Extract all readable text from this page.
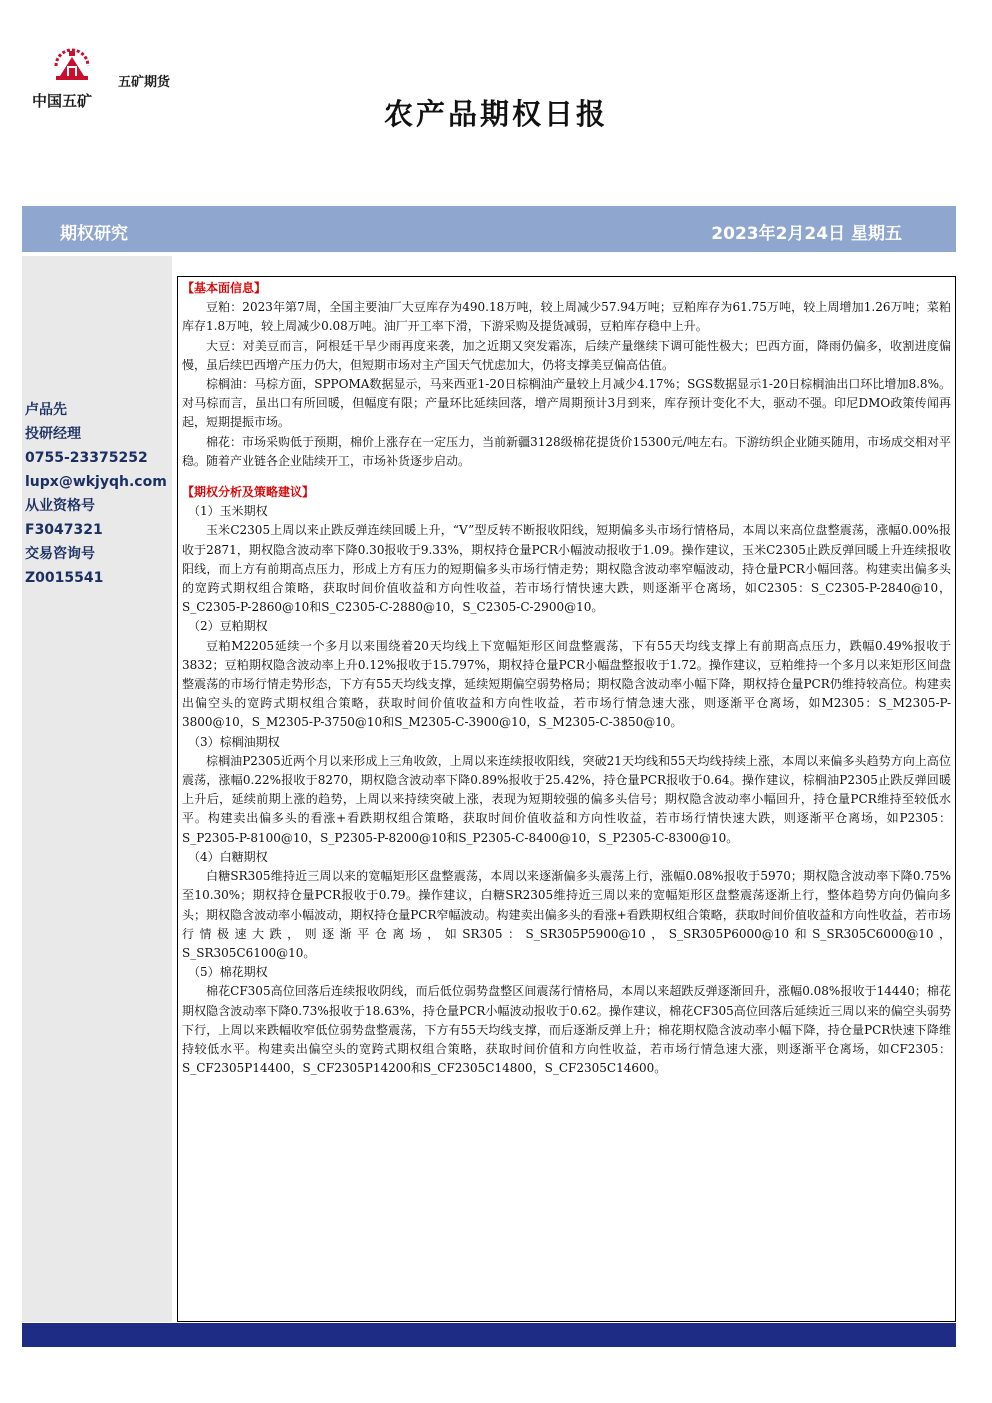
中国五矿
五矿期货
农产品期权日报
期权研究	2023年2月24日 星期五
卢品先
投研经理
0755-23375252
lupx@wkjyqh.com
从业资格号
F3047321
交易咨询号
Z0015541
【基本面信息】

豆粕：2023年第7周，全国主要油厂大豆库存为490.18万吨，较上周减少57.94万吨；豆粕库存为61.75万吨，较上周增加1.26万吨；菜粕库存1.8万吨，较上周减少0.08万吨。油厂开工率下滑，下游采购及提货减弱，豆粕库存稳中上升。

大豆：对美豆而言，阿根廷干旱少雨再度来袭，加之近期又突发霜冻，后续产量继续下调可能性极大；巴西方面，降雨仍偏多，收割进度偏慢，虽后续巴西增产压力仍大，但短期市场对主产国天气忧虑加大，仍将支撑美豆偏高估值。

棕榈油：马棕方面，SPPOMA数据显示，马来西亚1-20日棕榈油产量较上月减少4.17%；SGS数据显示1-20日棕榈油出口环比增加8.8%。对马棕而言，虽出口有所回暖，但幅度有限；产量环比延续回落，增产周期预计3月到来，库存预计变化不大，驱动不强。印尼DMO政策传闻再起，短期提振市场。

棉花：市场采购低于预期，棉价上涨存在一定压力，当前新疆3128级棉花提货价15300元/吨左右。下游纺织企业随买随用，市场成交相对平稳。随着产业链各企业陆续开工，市场补货逐步启动。

【期权分析及策略建议】
（1）玉米期权

玉米C2305上周以来止跌反弹连续回暖上升，“V”型反转不断报收阳线，短期偏多头市场行情格局，本周以来高位盘整震荡，涨幅0.00%报收于2871，期权隐含波动率下降0.30报收于9.33%，期权持仓量PCR小幅波动报收于1.09。操作建议，玉米C2305止跌反弹回暖上升连续报收阳线，而上方有前期高点压力，形成上方有压力的短期偏多头市场行情走势；期权隐含波动率窄幅波动，持仓量PCR小幅回落。构建卖出偏多头的宽跨式期权组合策略，获取时间价值收益和方向性收益，若市场行情快速大跌，则逐渐平仓离场，如C2305：S_C2305-P-2840@10，S_C2305-P-2860@10和S_C2305-C-2880@10，S_C2305-C-2900@10。

（2）豆粕期权

豆粕M2205延续一个多月以来围绕着20天均线上下宽幅矩形区间盘整震荡，下有55天均线支撑上有前期高点压力，跌幅0.49%报收于3832；豆粕期权隐含波动率上升0.12%报收于15.797%，期权持仓量PCR小幅盘整报收于1.72。操作建议，豆粕维持一个多月以来矩形区间盘整震荡的市场行情走势形态，下方有55天均线支撑，延续短期偏空弱势格局；期权隐含波动率小幅下降，期权持仓量PCR仍维持较高位。构建卖出偏空头的宽跨式期权组合策略，获取时间价值收益和方向性收益，若市场行情急速大涨，则逐渐平仓离场，如M2305：S_M2305-P-3800@10，S_M2305-P-3750@10和S_M2305-C-3900@10，S_M2305-C-3850@10。

（3）棕榈油期权

棕榈油P2305近两个月以来形成上三角收敛，上周以来连续报收阳线，突破21天均线和55天均线持续上涨，本周以来偏多头趋势方向上高位震荡，涨幅0.22%报收于8270，期权隐含波动率下降0.89%报收于25.42%，持仓量PCR报收于0.64。操作建议，棕榈油P2305止跌反弹回暖上升后，延续前期上涨的趋势，上周以来持续突破上涨，表现为短期较强的偏多头信号；期权隐含波动率小幅回升，持仓量PCR维持至较低水平。构建卖出偏多头的看涨+看跌期权组合策略，获取时间价值收益和方向性收益，若市场行情快速大跌，则逐渐平仓离场，如P2305：S_P2305-P-8100@10，S_P2305-P-8200@10和S_P2305-C-8400@10，S_P2305-C-8300@10。

（4）白糖期权

白糖SR305维持近三周以来的宽幅矩形区盘整震荡，本周以来逐渐偏多头震荡上行，涨幅0.08%报收于5970；期权隐含波动率下降0.75%至10.30%；期权持仓量PCR报收于0.79。操作建议，白糖SR2305维持近三周以来的宽幅矩形区盘整震荡逐渐上行，整体趋势方向仍偏向多头；期权隐含波动率小幅波动，期权持仓量PCR窄幅波动。构建卖出偏多头的看涨+看跌期权组合策略，获取时间价值收益和方向性收益，若市场行情极速大跌，则逐渐平仓离场，如SR305：S_SR305P5900@10，S_SR305P6000@10和S_SR305C6000@10，S_SR305C6100@10。

（5）棉花期权

棉花CF305高位回落后连续报收阴线，而后低位弱势盘整区间震荡行情格局，本周以来超跌反弹逐渐回升，涨幅0.08%报收于14440；棉花期权隐含波动率下降0.73%报收于18.63%，持仓量PCR小幅波动报收于0.62。操作建议，棉花CF305高位回落后延续近三周以来的偏空头弱势下行，上周以来跌幅收窄低位弱势盘整震荡，下方有55天均线支撑，而后逐渐反弹上升；棉花期权隐含波动率小幅下降，持仓量PCR快速下降维持较低水平。构建卖出偏空头的宽跨式期权组合策略，获取时间价值和方向性收益，若市场行情急速大涨，则逐渐平仓离场，如CF2305：S_CF2305P14400，S_CF2305P14200和S_CF2305C14800，S_CF2305C14600。
